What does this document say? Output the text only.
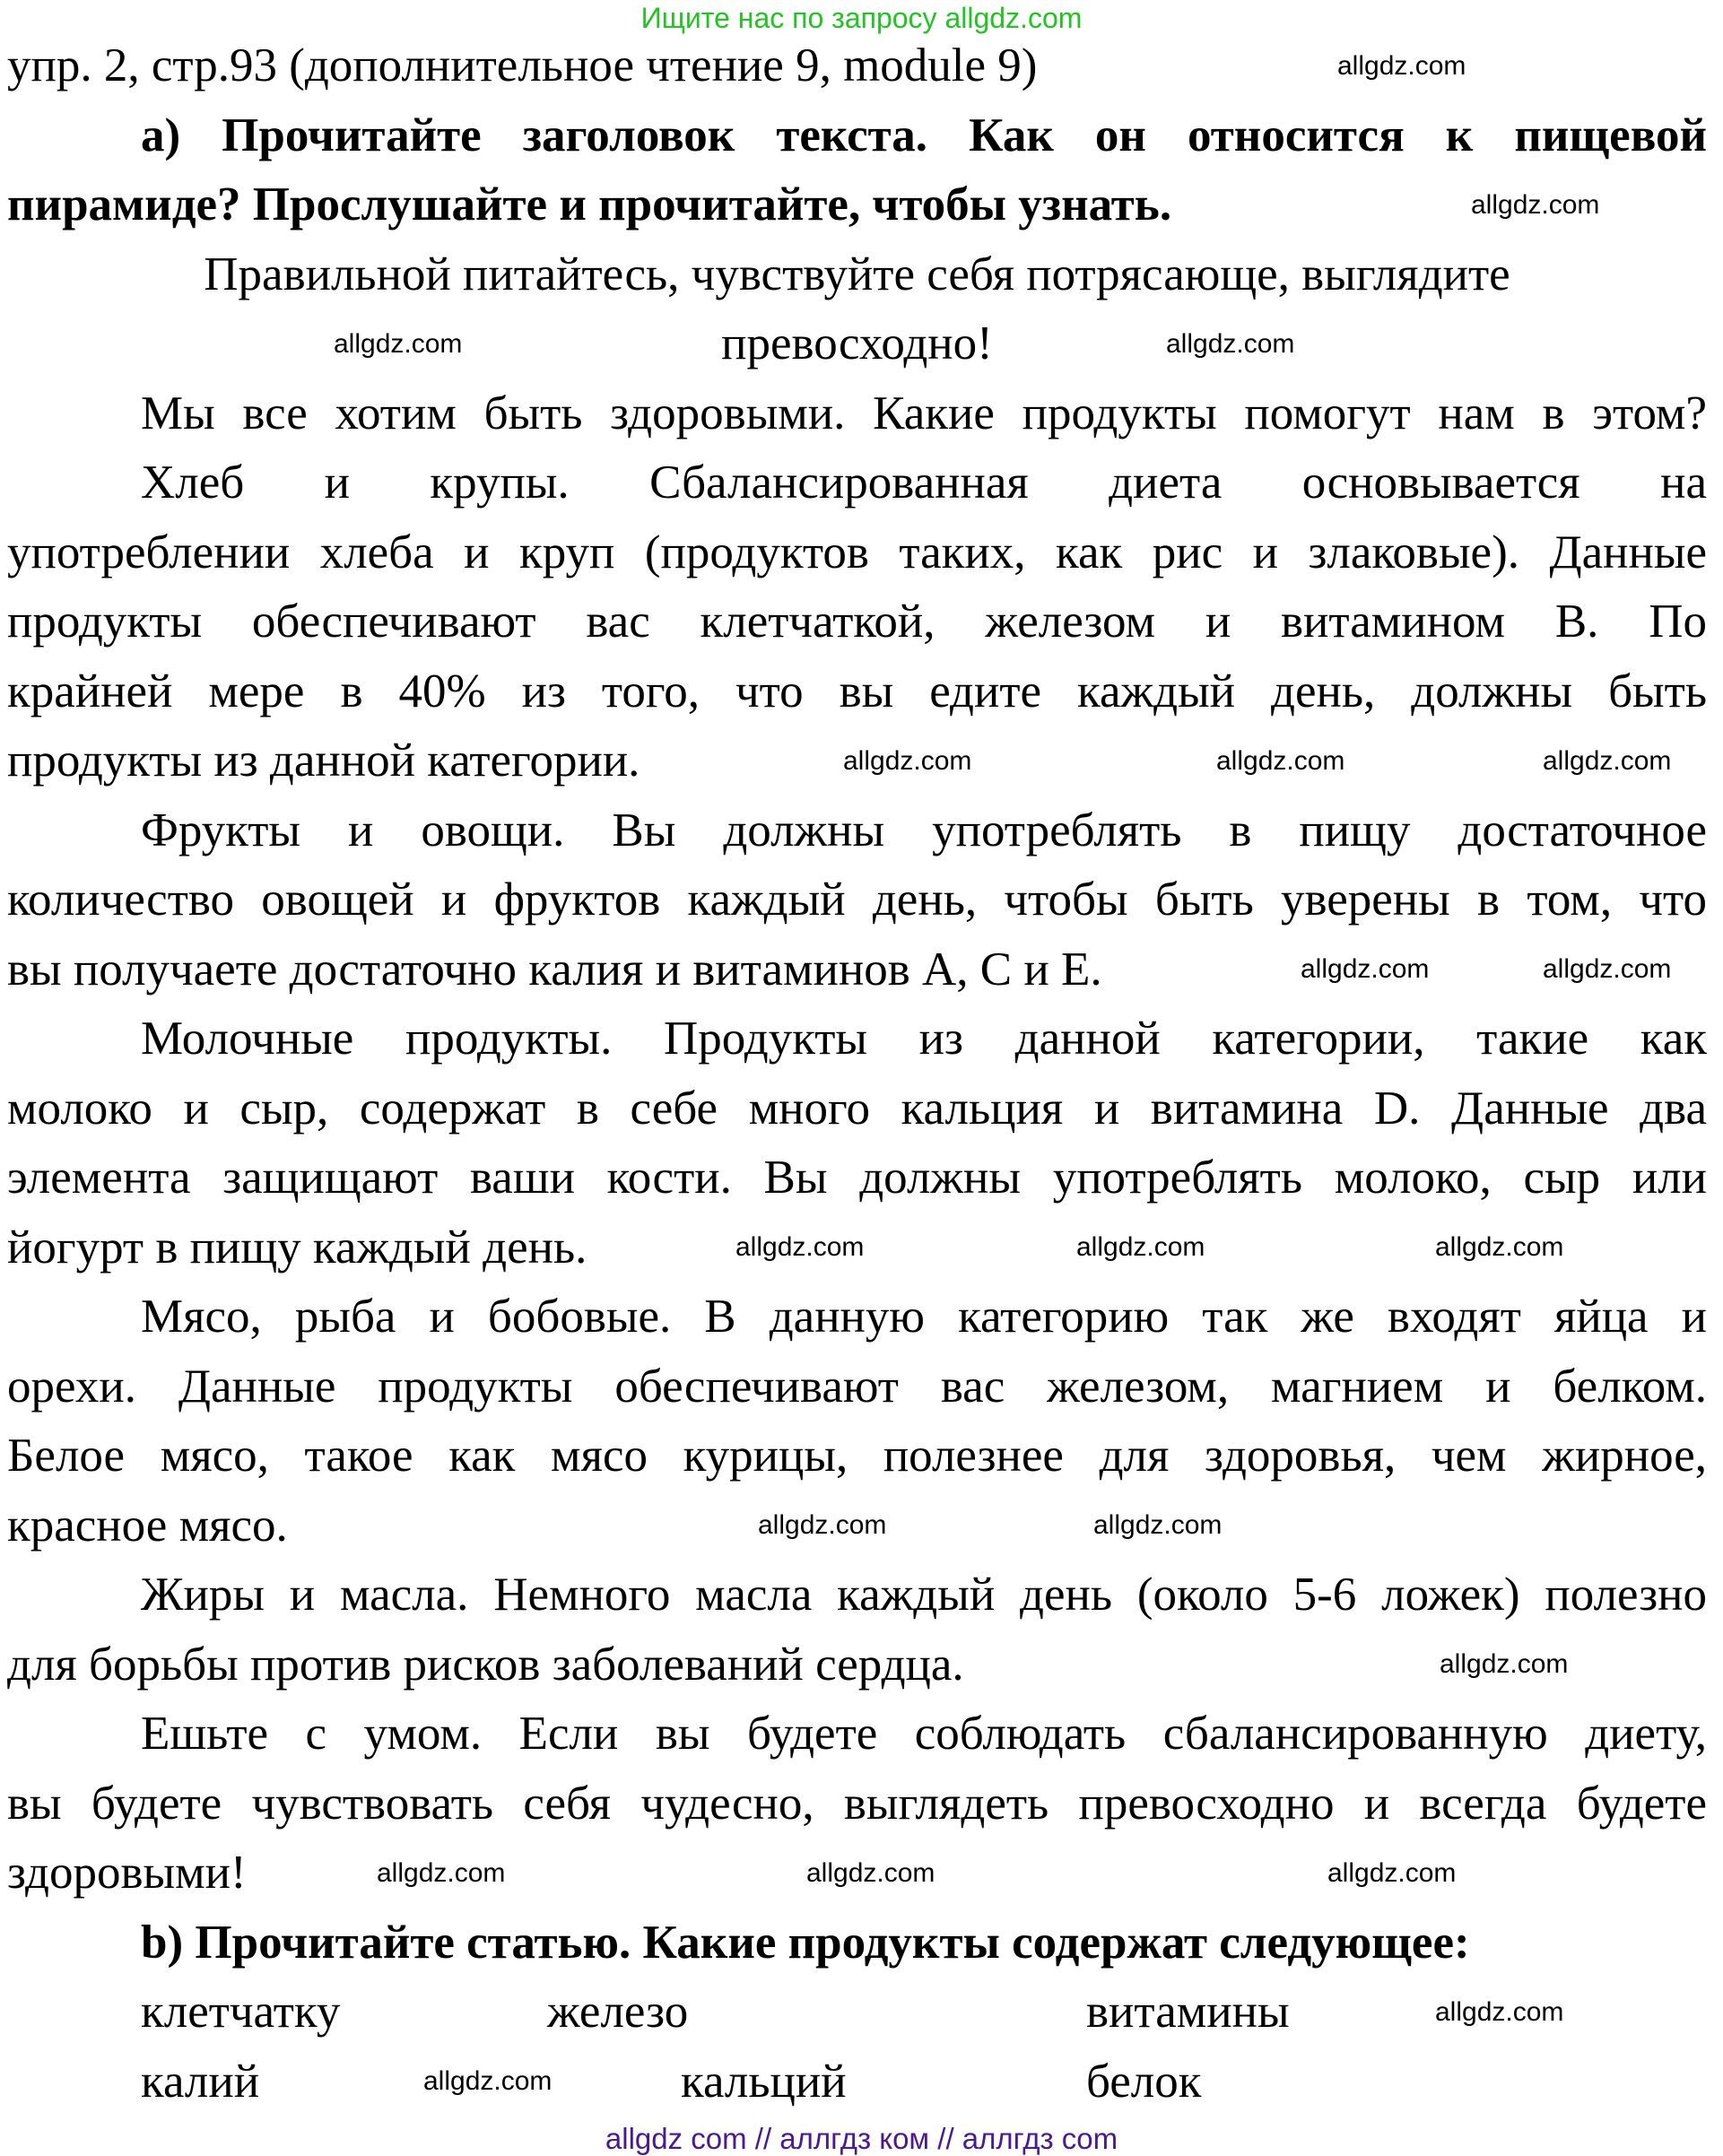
Ищите нас по запросу allgdz.com
упр. 2, стр.93 (дополнительное чтение 9, module 9)
а) Прочитайте заголовок текста. Как он относится к пищевой
пирамиде? Прослушайте и прочитайте, чтобы узнать.
Правильной питайтесь, чувствуйте себя потрясающе, выглядите
превосходно!
Мы все хотим быть здоровыми. Какие продукты помогут нам в этом?
Хлеб и крупы. Сбалансированная диета основывается на
употреблении хлеба и круп (продуктов таких, как рис и злаковые). Данные
продукты обеспечивают вас клетчаткой, железом и витамином B. По
крайней мере в 40% из того, что вы едите каждый день, должны быть
продукты из данной категории.
Фрукты и овощи. Вы должны употреблять в пищу достаточное
количество овощей и фруктов каждый день, чтобы быть уверены в том, что
вы получаете достаточно калия и витаминов A, C и E.
Молочные продукты. Продукты из данной категории, такие как
молоко и сыр, содержат в себе много кальция и витамина D. Данные два
элемента защищают ваши кости. Вы должны употреблять молоко, сыр или
йогурт в пищу каждый день.
Мясо, рыба и бобовые. В данную категорию так же входят яйца и
орехи. Данные продукты обеспечивают вас железом, магнием и белком.
Белое мясо, такое как мясо курицы, полезнее для здоровья, чем жирное,
красное мясо.
Жиры и масла. Немного масла каждый день (около 5-6 ложек) полезно
для борьбы против рисков заболеваний сердца.
Ешьте с умом. Если вы будете соблюдать сбалансированную диету,
вы будете чувствовать себя чудесно, выглядеть превосходно и всегда будете
здоровыми!
b) Прочитайте статью. Какие продукты содержат следующее:
клетчатку	железо	витамины
калий	кальций	белок
allgdz.com
allgdz.com
allgdz.com	allgdz.com
allgdz.com
allgdz.com
allgdz.com
allgdz.com
allgdz.com
allgdz.com	allgdz.com	allgdz.com
allgdz.com	allgdz.com
allgdz.com
allgdz.com	allgdz.com	allgdz.com
allgdz.com
allgdz.com
allgdz com // аллгдз ком // аллгдз com
